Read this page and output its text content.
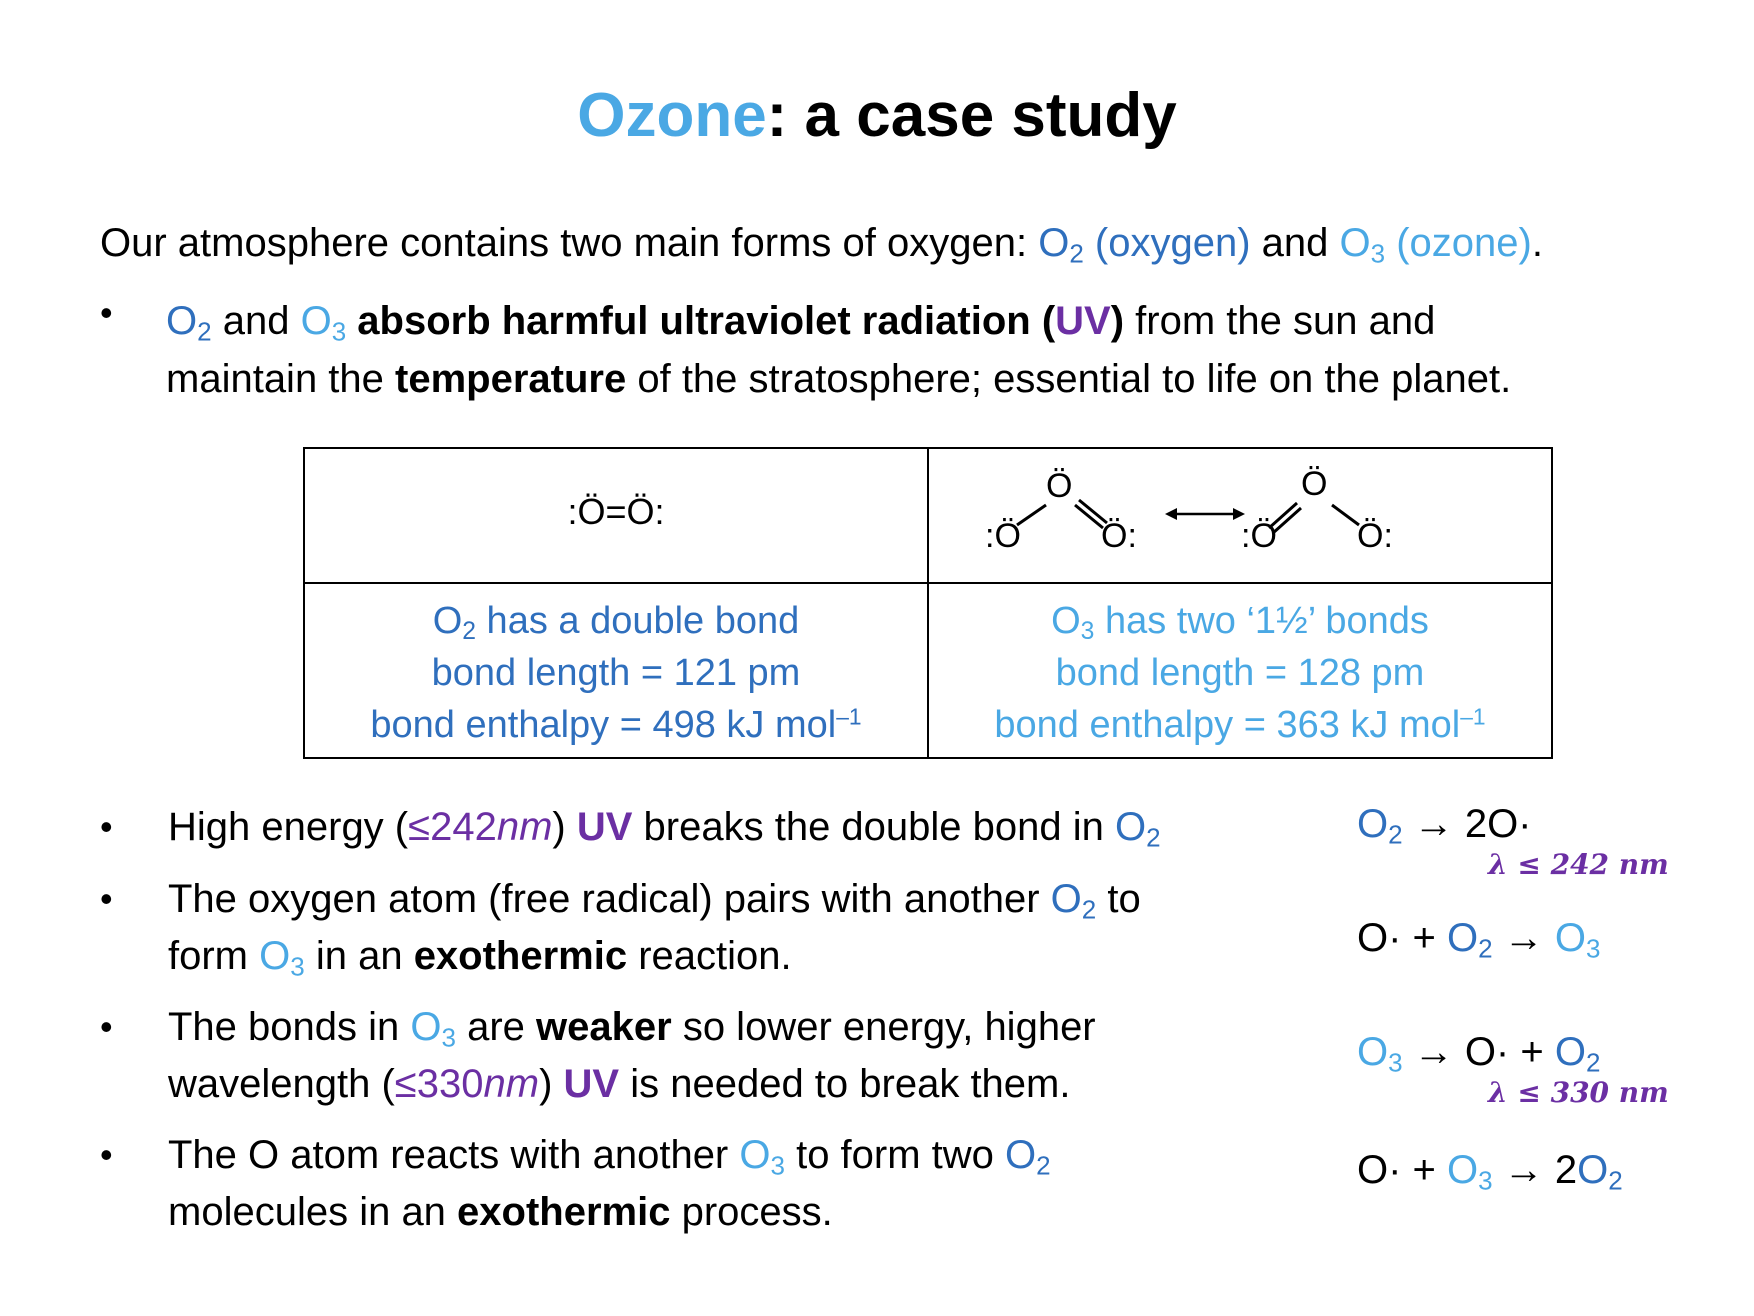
Ozone: a case study
Our atmosphere contains two main forms of oxygen: $O_2$ (oxygen) and $O_3$ (ozone).
• $O_2$ and $O_3$ absorb harmful ultraviolet radiation (UV) from the sun and
maintain the temperature of the stratosphere; essential to life on the planet.
:Ö=Ö:
Ö
:Ö Ö:
Ö
:Ö Ö:
$O_2$ has a double bond
bond length = 121 pm
bond enthalpy = 498 kJ mol$^{-1}$
$O_3$ has two ‘1½’ bonds
bond length = 128 pm
bond enthalpy = 363 kJ mol$^{-1}$
• High energy (≤242nm) UV breaks the double bond in $O_2$
• The oxygen atom (free radical) pairs with another $O_2$ to
form $O_3$ in an exothermic reaction.
• The bonds in $O_3$ are weaker so lower energy, higher
wavelength (≤330nm) UV is needed to break them.
• The O atom reacts with another $O_3$ to form two $O_2$
molecules in an exothermic process.
$O_2 \to 2O\cdot$
λ ≤ 242 nm
$O\cdot + O_2 \to O_3$
$O_3 \to O\cdot + O_2$
λ ≤ 330 nm
$O\cdot + O_3 \to 2O_2$
